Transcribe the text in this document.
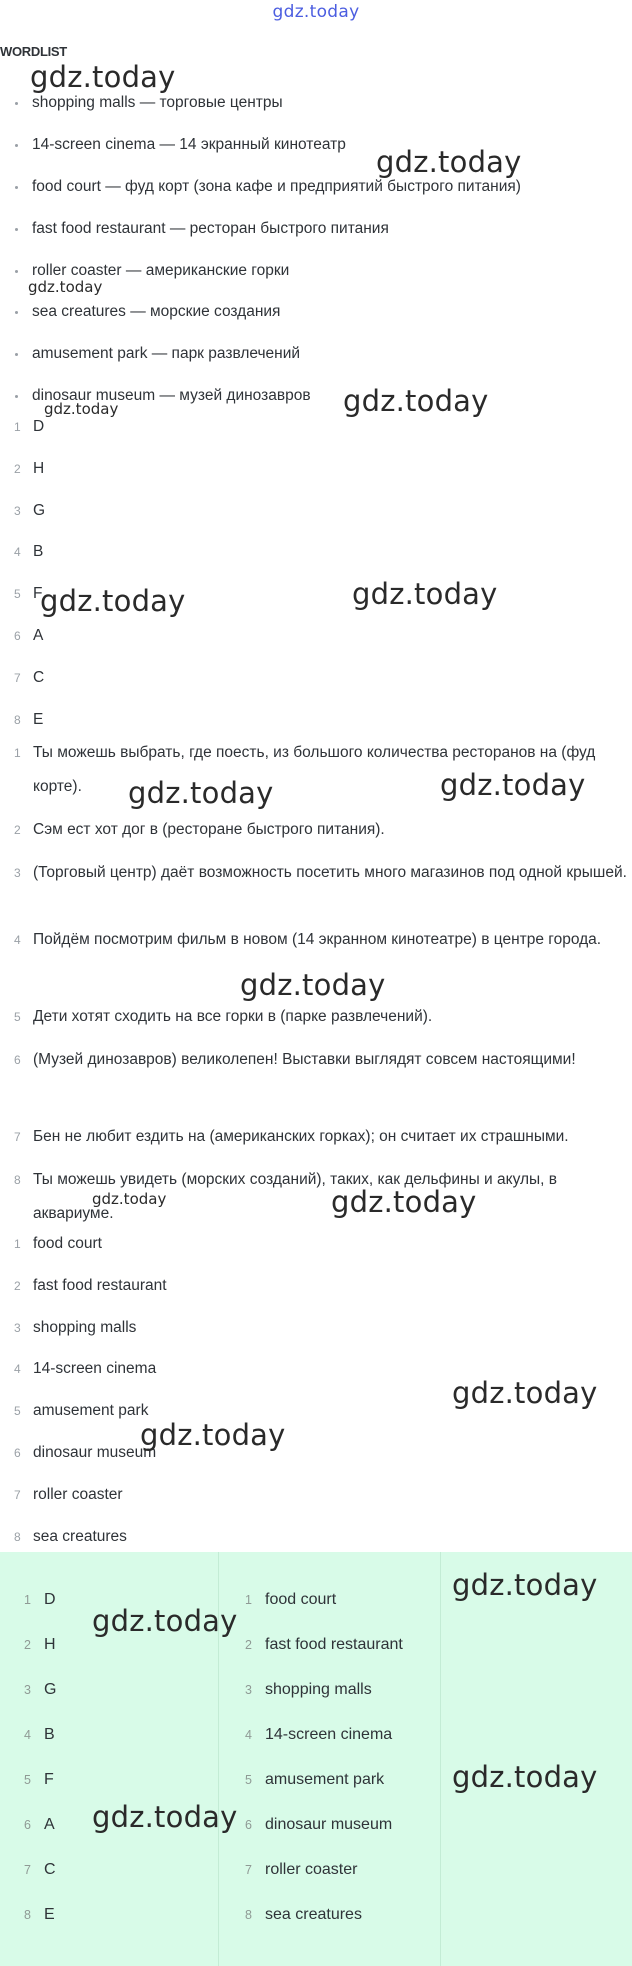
gdz.today
WORDLIST
shopping malls — торговые центры
14-screen cinema — 14 экранный кинотеатр
food court — фуд корт (зона кафе и предприятий быстрого питания)
fast food restaurant — ресторан быстрого питания
roller coaster — американские горки
sea creatures — морские создания
amusement park — парк развлечений
dinosaur museum — музей динозавров
1 D
2 H
3 G
4 B
5 F
6 A
7 C
8 E
1 Ты можешь выбрать, где поесть, из большого количества ресторанов на (фуд корте).
2 Сэм ест хот дог в (ресторане быстрого питания).
3 (Торговый центр) даёт возможность посетить много магазинов под одной крышей.
4 Пойдём посмотрим фильм в новом (14 экранном кинотеатре) в центре города.
5 Дети хотят сходить на все горки в (парке развлечений).
6 (Музей динозавров) великолепен! Выставки выглядят совсем настоящими!
7 Бен не любит ездить на (американских горках); он считает их страшными.
8 Ты можешь увидеть (морских созданий), таких, как дельфины и акулы, в аквариуме.
1 food court
2 fast food restaurant
3 shopping malls
4 14-screen cinema
5 amusement park
6 dinosaur museum
7 roller coaster
8 sea creatures
1 D
2 H
3 G
4 B
5 F
6 A
7 C
8 E
1 food court
2 fast food restaurant
3 shopping malls
4 14-screen cinema
5 amusement park
6 dinosaur museum
7 roller coaster
8 sea creatures
gdz.today
gdz.today
gdz.today
gdz.today
gdz.today
gdz.today	gdz.today
gdz.today	gdz.today
gdz.today
gdz.today	gdz.today
gdz.today
gdz.today
gdz.today
gdz.today
gdz.today
gdz.today
